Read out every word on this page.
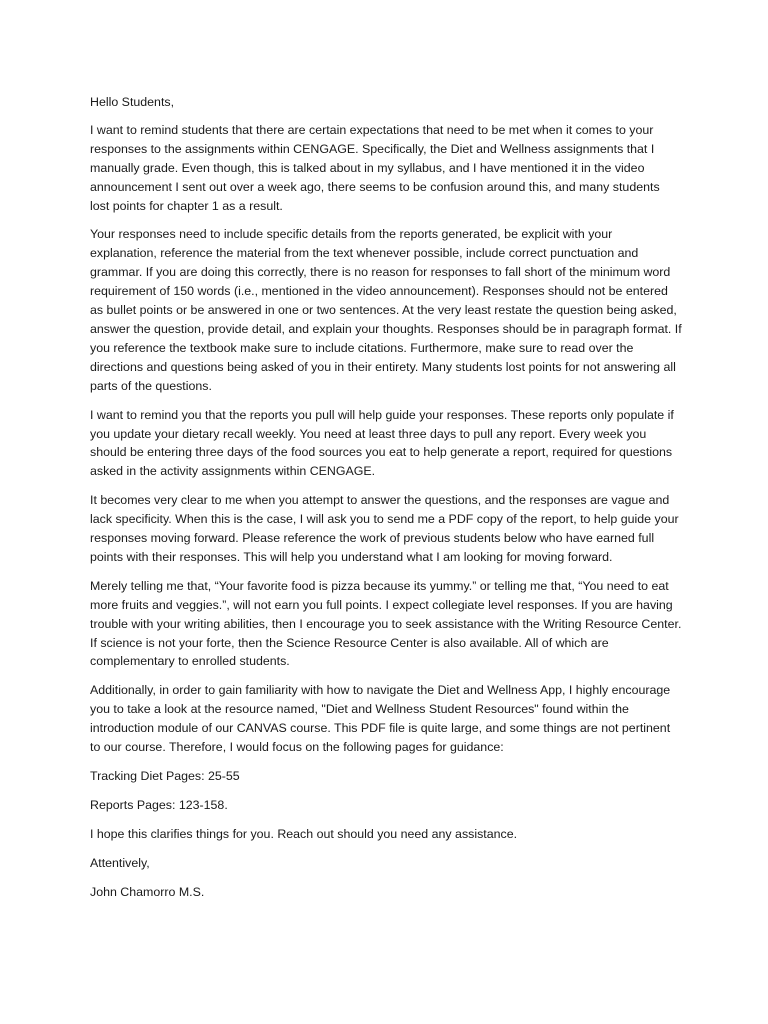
Hello Students,

I want to remind students that there are certain expectations that need to be met when it comes to your responses to the assignments within CENGAGE. Specifically, the Diet and Wellness assignments that I manually grade. Even though, this is talked about in my syllabus, and I have mentioned it in the video announcement I sent out over a week ago, there seems to be confusion around this, and many students lost points for chapter 1 as a result.

Your responses need to include specific details from the reports generated, be explicit with your explanation, reference the material from the text whenever possible, include correct punctuation and grammar. If you are doing this correctly, there is no reason for responses to fall short of the minimum word requirement of 150 words (i.e., mentioned in the video announcement). Responses should not be entered as bullet points or be answered in one or two sentences. At the very least restate the question being asked, answer the question, provide detail, and explain your thoughts. Responses should be in paragraph format. If you reference the textbook make sure to include citations. Furthermore, make sure to read over the directions and questions being asked of you in their entirety. Many students lost points for not answering all parts of the questions.

I want to remind you that the reports you pull will help guide your responses. These reports only populate if you update your dietary recall weekly. You need at least three days to pull any report. Every week you should be entering three days of the food sources you eat to help generate a report, required for questions asked in the activity assignments within CENGAGE.

It becomes very clear to me when you attempt to answer the questions, and the responses are vague and lack specificity. When this is the case, I will ask you to send me a PDF copy of the report, to help guide your responses moving forward. Please reference the work of previous students below who have earned full points with their responses. This will help you understand what I am looking for moving forward.

Merely telling me that, “Your favorite food is pizza because its yummy.” or telling me that, “You need to eat more fruits and veggies.”, will not earn you full points. I expect collegiate level responses. If you are having trouble with your writing abilities, then I encourage you to seek assistance with the Writing Resource Center. If science is not your forte, then the Science Resource Center is also available. All of which are complementary to enrolled students.

Additionally, in order to gain familiarity with how to navigate the Diet and Wellness App, I highly encourage you to take a look at the resource named, "Diet and Wellness Student Resources" found within the introduction module of our CANVAS course. This PDF file is quite large, and some things are not pertinent to our course. Therefore, I would focus on the following pages for guidance:

Tracking Diet Pages: 25-55

Reports Pages: 123-158.

I hope this clarifies things for you. Reach out should you need any assistance.

Attentively,

John Chamorro M.S.
